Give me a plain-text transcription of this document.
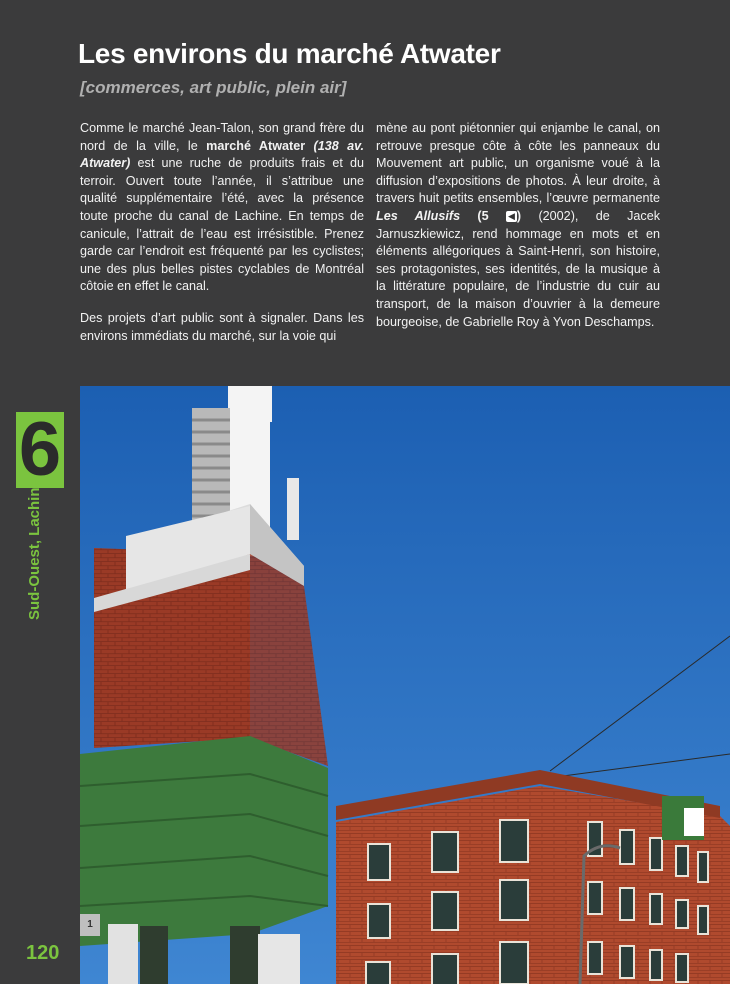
Les environs du marché Atwater
[commerces, art public, plein air]

Comme le marché Jean-Talon, son grand frère du nord de la ville, le marché Atwater (138 av. Atwater) est une ruche de produits frais et du terroir. Ouvert toute l’année, il s’attribue une qualité supplémentaire l’été, avec la présence toute proche du canal de Lachine. En temps de canicule, l’attrait de l’eau est irrésistible. Prenez garde car l’endroit est fréquenté par les cyclistes; une des plus belles pistes cyclables de Montréal côtoie en effet le canal.

Des projets d’art public sont à signaler. Dans les environs immédiats du marché, sur la voie qui

mène au pont piétonnier qui enjambe le canal, on retrouve presque côte à côte les panneaux du Mouvement art public, un organisme voué à la diffusion d’expositions de photos. À leur droite, à travers huit petits ensembles, l’œuvre permanente Les Allusifs (5 ◀ ) (2002), de Jacek Jarnuszkiewicz, rend hommage en mots et en éléments allégoriques à Saint-Henri, son histoire, ses protagonistes, ses identités, de la musique à la littérature populaire, de l’industrie du cuir au transport, de la maison d’ouvrier à la demeure bourgeoise, de Gabrielle Roy à Yvon Deschamps.

6
Sud-Ouest, Lachine
1
120
